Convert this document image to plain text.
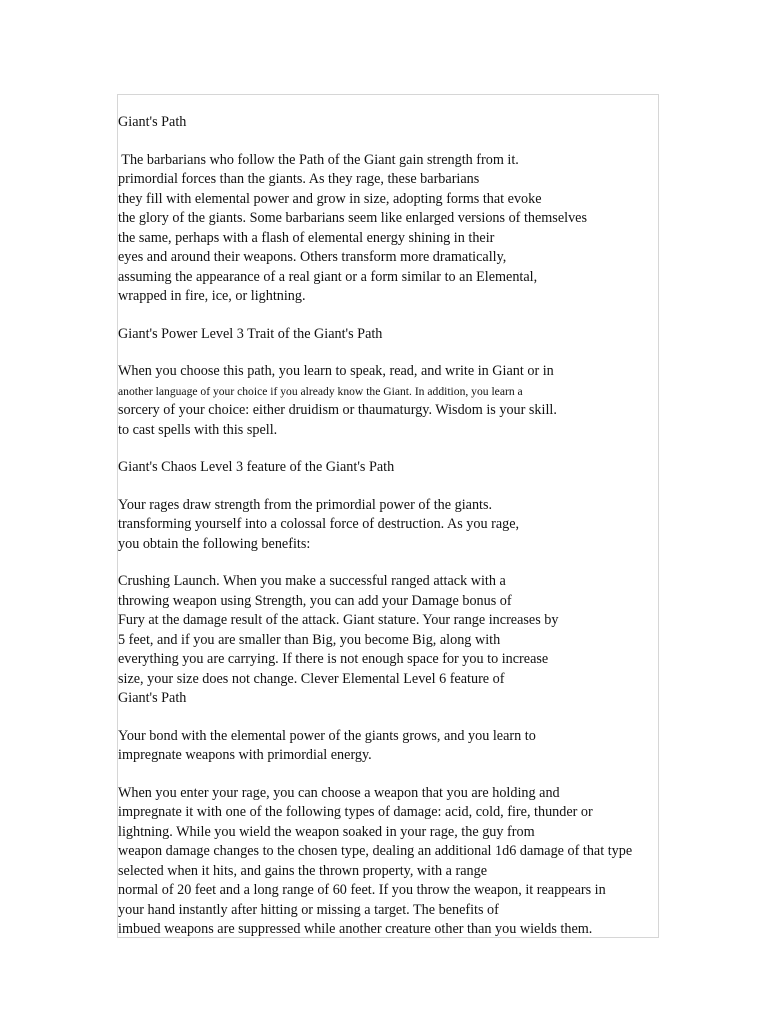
Giant's Path
The barbarians who follow the Path of the Giant gain strength from it.
primordial forces than the giants. As they rage, these barbarians
they fill with elemental power and grow in size, adopting forms that evoke
the glory of the giants. Some barbarians seem like enlarged versions of themselves
the same, perhaps with a flash of elemental energy shining in their
eyes and around their weapons. Others transform more dramatically,
assuming the appearance of a real giant or a form similar to an Elemental,
wrapped in fire, ice, or lightning.
Giant's Power Level 3 Trait of the Giant's Path
When you choose this path, you learn to speak, read, and write in Giant or in
another language of your choice if you already know the Giant. In addition, you learn a
sorcery of your choice: either druidism or thaumaturgy. Wisdom is your skill.
to cast spells with this spell.
Giant's Chaos Level 3 feature of the Giant's Path
Your rages draw strength from the primordial power of the giants.
transforming yourself into a colossal force of destruction. As you rage,
you obtain the following benefits:
Crushing Launch. When you make a successful ranged attack with a
throwing weapon using Strength, you can add your Damage bonus of
Fury at the damage result of the attack. Giant stature. Your range increases by
5 feet, and if you are smaller than Big, you become Big, along with
everything you are carrying. If there is not enough space for you to increase
size, your size does not change. Clever Elemental Level 6 feature of
Giant's Path
Your bond with the elemental power of the giants grows, and you learn to
impregnate weapons with primordial energy.
When you enter your rage, you can choose a weapon that you are holding and
impregnate it with one of the following types of damage: acid, cold, fire, thunder or
lightning. While you wield the weapon soaked in your rage, the guy from
weapon damage changes to the chosen type, dealing an additional 1d6 damage of that type
selected when it hits, and gains the thrown property, with a range
normal of 20 feet and a long range of 60 feet. If you throw the weapon, it reappears in
your hand instantly after hitting or missing a target. The benefits of
imbued weapons are suppressed while another creature other than you wields them.
